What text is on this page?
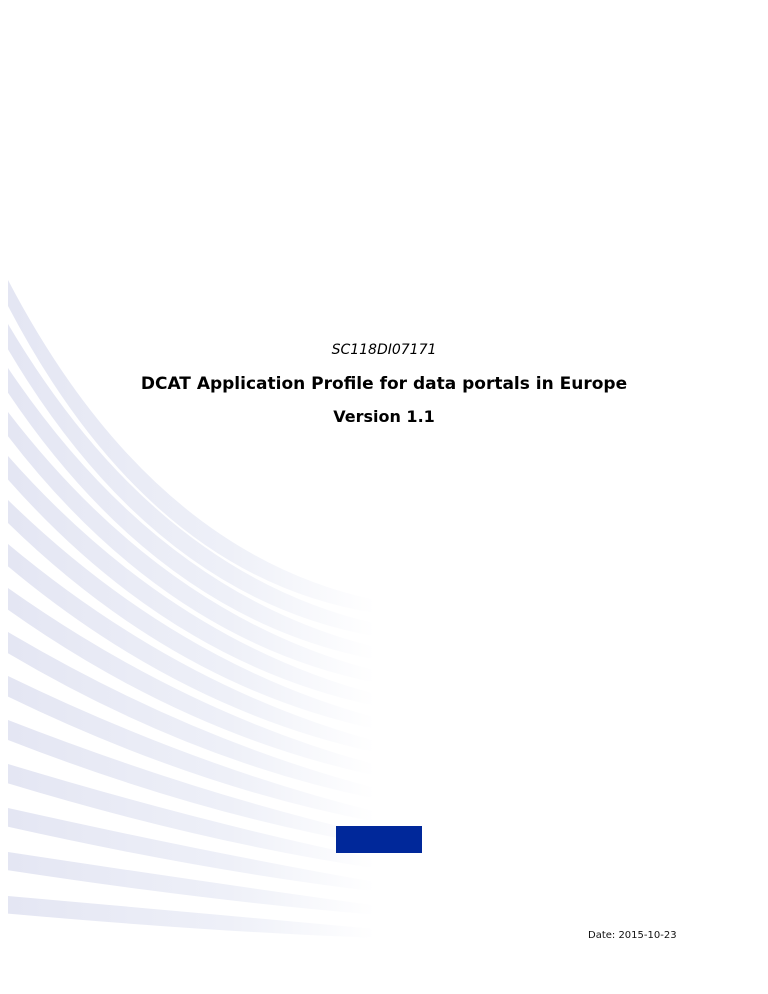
SC118DI07171
DCAT Application Profile for data portals in Europe
Version 1.1
Date: 2015-10-23
